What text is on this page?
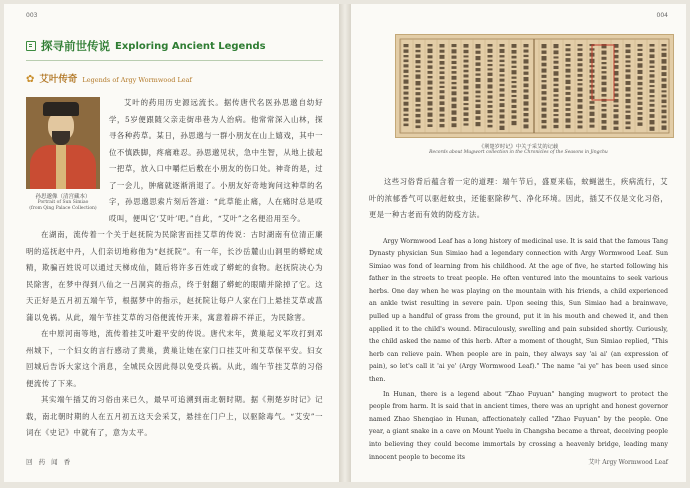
003
探寻前世传说 Exploring Ancient Legends
✿ 艾叶传奇 Legends of Argy Wormwood Leaf
孙思邈像（清宫藏本）
Portrait of Sun Simiao
(from Qing Palace Collection)

艾叶的药用历史源远流长。据传唐代名医孙思邈自幼好学，5岁便跟随父亲走街串巷为人治病。他常常深入山林，探寻各种药草。某日，孙思邈与一群小朋友在山上嬉戏，其中一位不慎跌脚，疼痛难忍。孙思邈见状，急中生智，从地上拔起一把草，放入口中嚼烂后敷在小朋友的伤口处。神奇的是，过了一会儿，肿痛就逐渐消退了。小朋友好奇地询问这种草的名字，孙思邈思索片刻后答道：“此草能止痛，人在痛时总是哎哎叫，便叫它‘艾叶’吧。”自此，“艾叶”之名便沿用至今。

在湖南，流传着一个关于赵抚院为民除害而挂艾草的传说：古时湖南有位清正廉明的巡抚赵中丹，人们亲切地称他为“赵抚院”。有一年，长沙岳麓山山洞里的蟒蛇成精，欺骗百姓说可以通过天梯成仙，随后将许多百姓或了蟒蛇的食物。赵抚院决心为民除害，在梦中得到八仙之一吕洞宾的指点，终于射翻了蟒蛇的眼睛并除掉了它。这天正好是五月初五端午节，根据梦中的指示，赵抚院让每户人家在门上悬挂艾草或菖蒲以免祸。从此，端午节挂艾草的习俗便流传开来，寓意着辟不祥正，为民除害。

在中原河南等地，流传着挂艾叶避平安的传说。唐代末年，黄巢起义军攻打到邓州城下，一个妇女的言行感动了黄巢，黄巢让她在家门口挂艾叶和艾草保平安。妇女回城后告诉大家这个消息，全城民众因此得以免受兵祸。从此，端午节挂艾草的习俗便流传了下来。

其实端午插艾的习俗由来已久，最早可追溯到南北朝时期。据《荆楚岁时记》记载，南北朝时期的人在五月初五这天会采艾，悬挂在门户上，以驱除毒气。“艾安”一词在《史记》中就有了，意为太平。

回 药 闻 香
004
《荆楚岁时记》中关于采艾的记载
Records about Mugwort collection in the Chronicles of the Seasons in Jingchu

这些习俗背后蕴含着一定的道理：端午节后，盛夏来临，蚊蝇滋生，疾病流行，艾叶的浓郁香气可以驱赶蚊虫，还能驱除秽气、净化环境。因此，插艾不仅是文化习俗，更是一种古老而有效的防疫方法。

Argy Wormwood Leaf has a long history of medicinal use. It is said that the famous Tang Dynasty physician Sun Simiao had a legendary connection with Argy Wormwood Leaf. Sun Simiao was fond of learning from his childhood. At the age of five, he started following his father in the streets to treat people. He often ventured into the mountains to seek various herbs. One day when he was playing on the mountain with his friends, a child experienced an ankle twist resulting in severe pain. Upon seeing this, Sun Simiao had a brainwave, pulled up a handful of grass from the ground, put it in his mouth and chewed it, and then applied it to the child's wound. Miraculously, swelling and pain subsided shortly. Curiously, the child asked the name of this herb. After a moment of thought, Sun Simiao replied, "This herb can relieve pain. When people are in pain, they always say 'ai ai' (an expression of pain), so let's call it 'ai ye' (Argy Wormwood Leaf)." The name "ai ye" has been used since then.

In Hunan, there is a legend about "Zhao Fuyuan" hanging mugwort to protect the people from harm. It is said that in ancient times, there was an upright and honest governor named Zhao Shenqiao in Hunan, affectionately called "Zhao Fuyuan" by the people. One year, a giant snake in a cave on Mount Yuelu in Changsha became a threat, deceiving people into believing they could become immortals by crossing a heavenly bridge, leading many innocent people to become its

艾叶 Argy Wormwood Leaf
